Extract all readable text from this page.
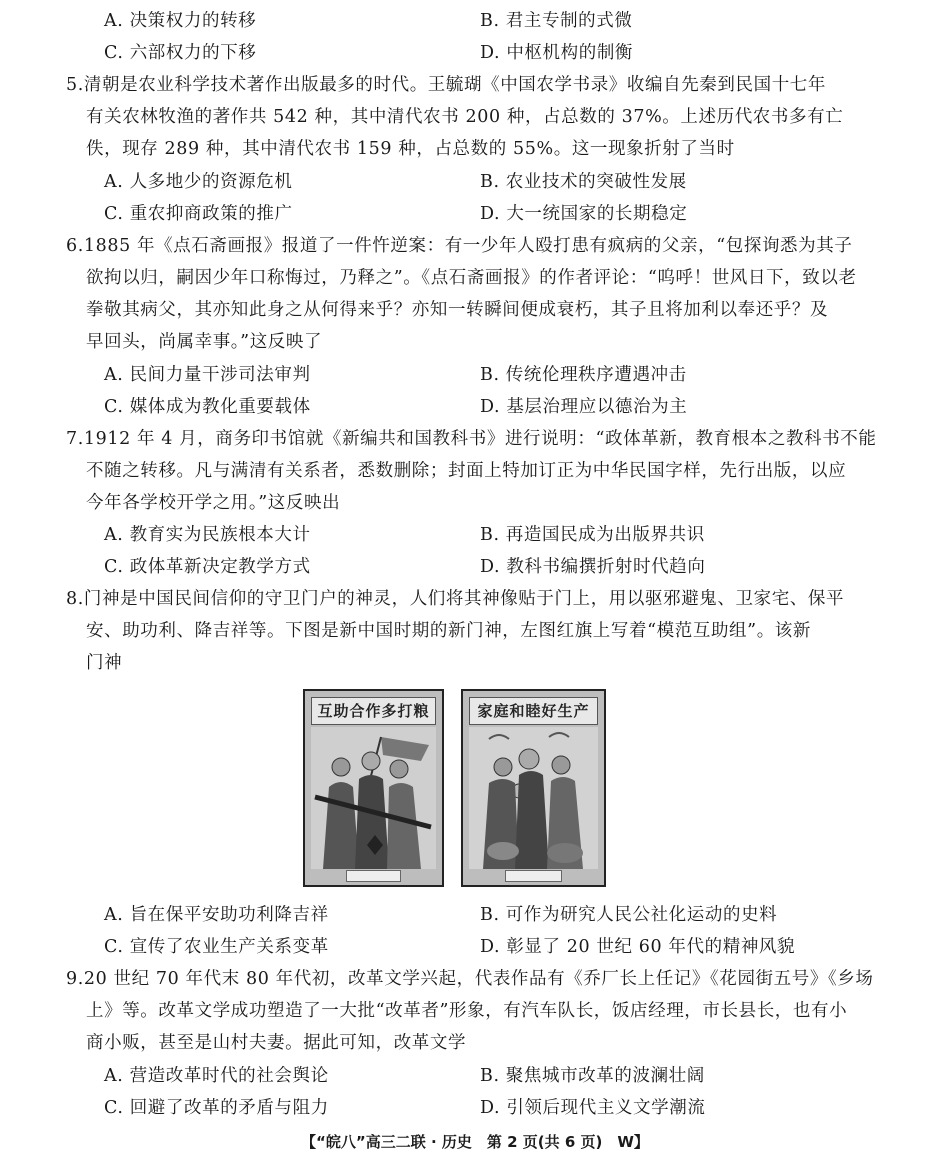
A. 决策权力的转移	B. 君主专制的式微
C. 六部权力的下移	D. 中枢机构的制衡
5.清朝是农业科学技术著作出版最多的时代。王毓瑚《中国农学书录》收编自先秦到民国十七年
有关农林牧渔的著作共 542 种，其中清代农书 200 种，占总数的 37%。上述历代农书多有亡
佚，现存 289 种，其中清代农书 159 种，占总数的 55%。这一现象折射了当时
A. 人多地少的资源危机	B. 农业技术的突破性发展
C. 重农抑商政策的推广	D. 大一统国家的长期稳定
6.1885 年《点石斋画报》报道了一件忤逆案：有一少年人殴打患有疯病的父亲，“包探询悉为其子
欲拘以归，嗣因少年口称悔过，乃释之”。《点石斋画报》的作者评论：“呜呼！世风日下，致以老
拳敬其病父，其亦知此身之从何得来乎？亦知一转瞬间便成衰朽，其子且将加利以奉还乎？及
早回头，尚属幸事。”这反映了
A. 民间力量干涉司法审判	B. 传统伦理秩序遭遇冲击
C. 媒体成为教化重要载体	D. 基层治理应以德治为主
7.1912 年 4 月，商务印书馆就《新编共和国教科书》进行说明：“政体革新，教育根本之教科书不能
不随之转移。凡与满清有关系者，悉数删除；封面上特加订正为中华民国字样，先行出版，以应
今年各学校开学之用。”这反映出
A. 教育实为民族根本大计	B. 再造国民成为出版界共识
C. 政体革新决定教学方式	D. 教科书编撰折射时代趋向
8.门神是中国民间信仰的守卫门户的神灵，人们将其神像贴于门上，用以驱邪避鬼、卫家宅、保平
安、助功利、降吉祥等。下图是新中国时期的新门神，左图红旗上写着“模范互助组”。该新
门神
互助合作多打粮	家庭和睦好生产
A. 旨在保平安助功利降吉祥	B. 可作为研究人民公社化运动的史料
C. 宣传了农业生产关系变革	D. 彰显了 20 世纪 60 年代的精神风貌
9.20 世纪 70 年代末 80 年代初，改革文学兴起，代表作品有《乔厂长上任记》《花园街五号》《乡场
上》等。改革文学成功塑造了一大批“改革者”形象，有汽车队长，饭店经理，市长县长，也有小
商小贩，甚至是山村夫妻。据此可知，改革文学
A. 营造改革时代的社会舆论	B. 聚焦城市改革的波澜壮阔
C. 回避了改革的矛盾与阻力	D. 引领后现代主义文学潮流
【“皖八”高三二联 · 历史　第 2 页(共 6 页)　W】
